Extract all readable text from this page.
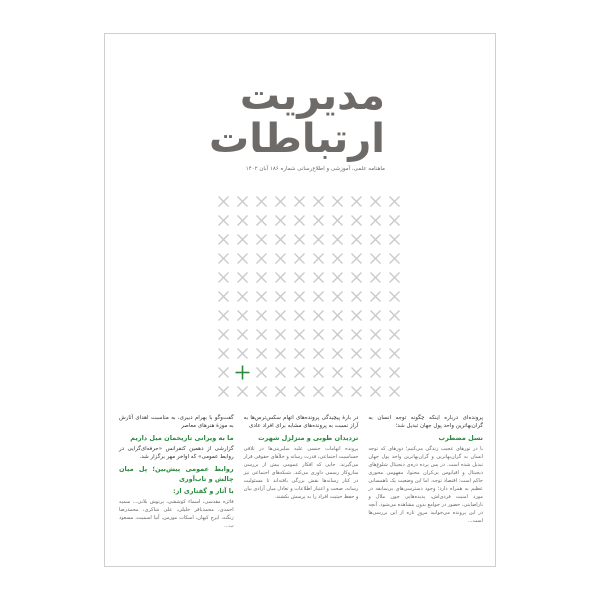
مدیریت
ارتباطات
ماهنامه علمی، آموزشی و اطلاع‌رسانی شماره ۱۸۶ آبان ۱۴۰۲
پرونده‌ای درباره اینکه چگونه توجه انسان به گران‌بهاترین واحد پول جهان تبدیل شد؛
نسل مضطرب
با در نورهای عجیب زندگی می‌کنیم؛ دورهای که توجه انسان به گران‌بهاترین و گران‌بهاترین واحد پول جهان تبدیل شده است. در پس پرده دره‌ی دیجیتال شلوغ‌های دیجیتال و اقیانوس بی‌کران محتوا، مفهومی محوری حاکم است: اقتصاد توجه. اما این وضعیت یک ناهمسانی عظیم به همراه دارد؛ وجود دسترسی‌های بی‌سابقه در مورد امنیت فردی‌اش، پدیده‌هایی چون ملال و ناراضایتی، حضور در جوامع بدون مشاهده می‌شود. آنچه در این پرونده می‌خوانید مرورِ تازه از این بررسی‌ها است...
در بارهٔ پیچیدگی پرونده‌های اتهام سکس‌ترس‌ها به آراز نسبت به پرونده‌های مشابه برای افراد عادی
تردیدان طوبی و منزلزل شهرت
پرونده اتهامات جنسی علیه سلبریتی‌ها در تلاقی حساسیت اجتماعی، قدرت رسانه و خلأهای حقوقی قرار می‌گیرند. جایی که افکار عمومی بیش از بررسی سازوکار رسمی داوری می‌کند. شبکه‌های اجتماعی نیز در کنار رسانه‌ها نقش بزرگی یافته‌اند تا مسئولیت رسانه، صحت و اعتبار اطلاعات و تعادل میان آزادی بیان و حفظ حیثیت افراد را به پرسش بکشند.
گفت‌وگو با بهرام دبیری، به مناسبت اهدای آثارش به موزهٔ هنرهای معاصر
ما به ویرانی تاریخمان میل داریم
گزارشی از دهمین کنفرانس «حرفه‌ای‌گرایی در روابط عمومی» که اواخر مهر برگزار شد.
روابط عمومی پیش‌بین؛ پل میان چالش و تاب‌آوری
با آثار و گفتاری از:
فائزه مقدسی، اسماء کوششی، پرتوش بلانی... سمیه احمدی، محمدباقر خلیلی، علی شاکری، محمدرضا زنگنه، ایرج کیهان، اسکات مورمن، آنیا اسمیت، مسعود ب...
